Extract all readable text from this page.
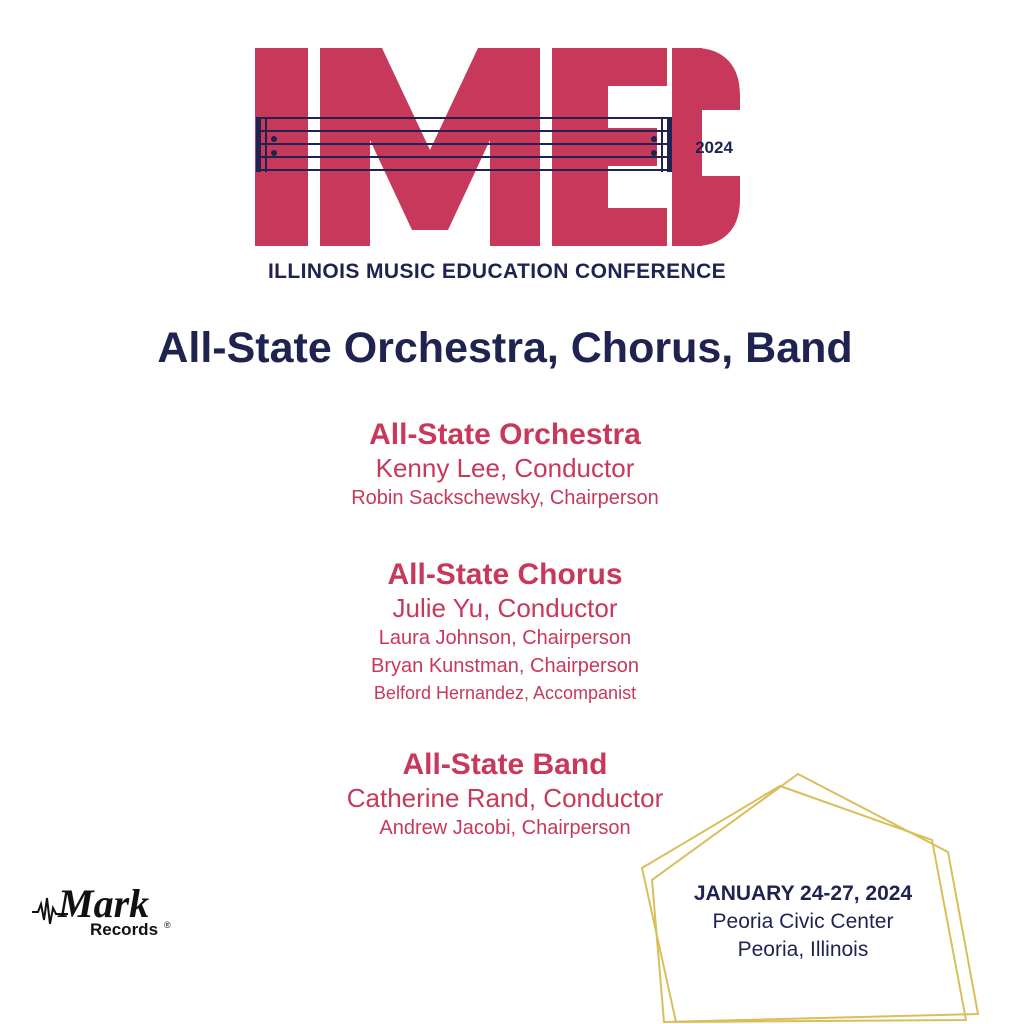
2024
ILLINOIS MUSIC EDUCATION CONFERENCE
All-State Orchestra, Chorus, Band
All-State Orchestra
Kenny Lee, Conductor
Robin Sackschewsky, Chairperson
All-State Chorus
Julie Yu, Conductor
Laura Johnson, Chairperson
Bryan Kunstman, Chairperson
Belford Hernandez, Accompanist
All-State Band
Catherine Rand, Conductor
Andrew Jacobi, Chairperson
JANUARY 24-27, 2024
Peoria Civic Center
Peoria, Illinois
Mark
Records ®
